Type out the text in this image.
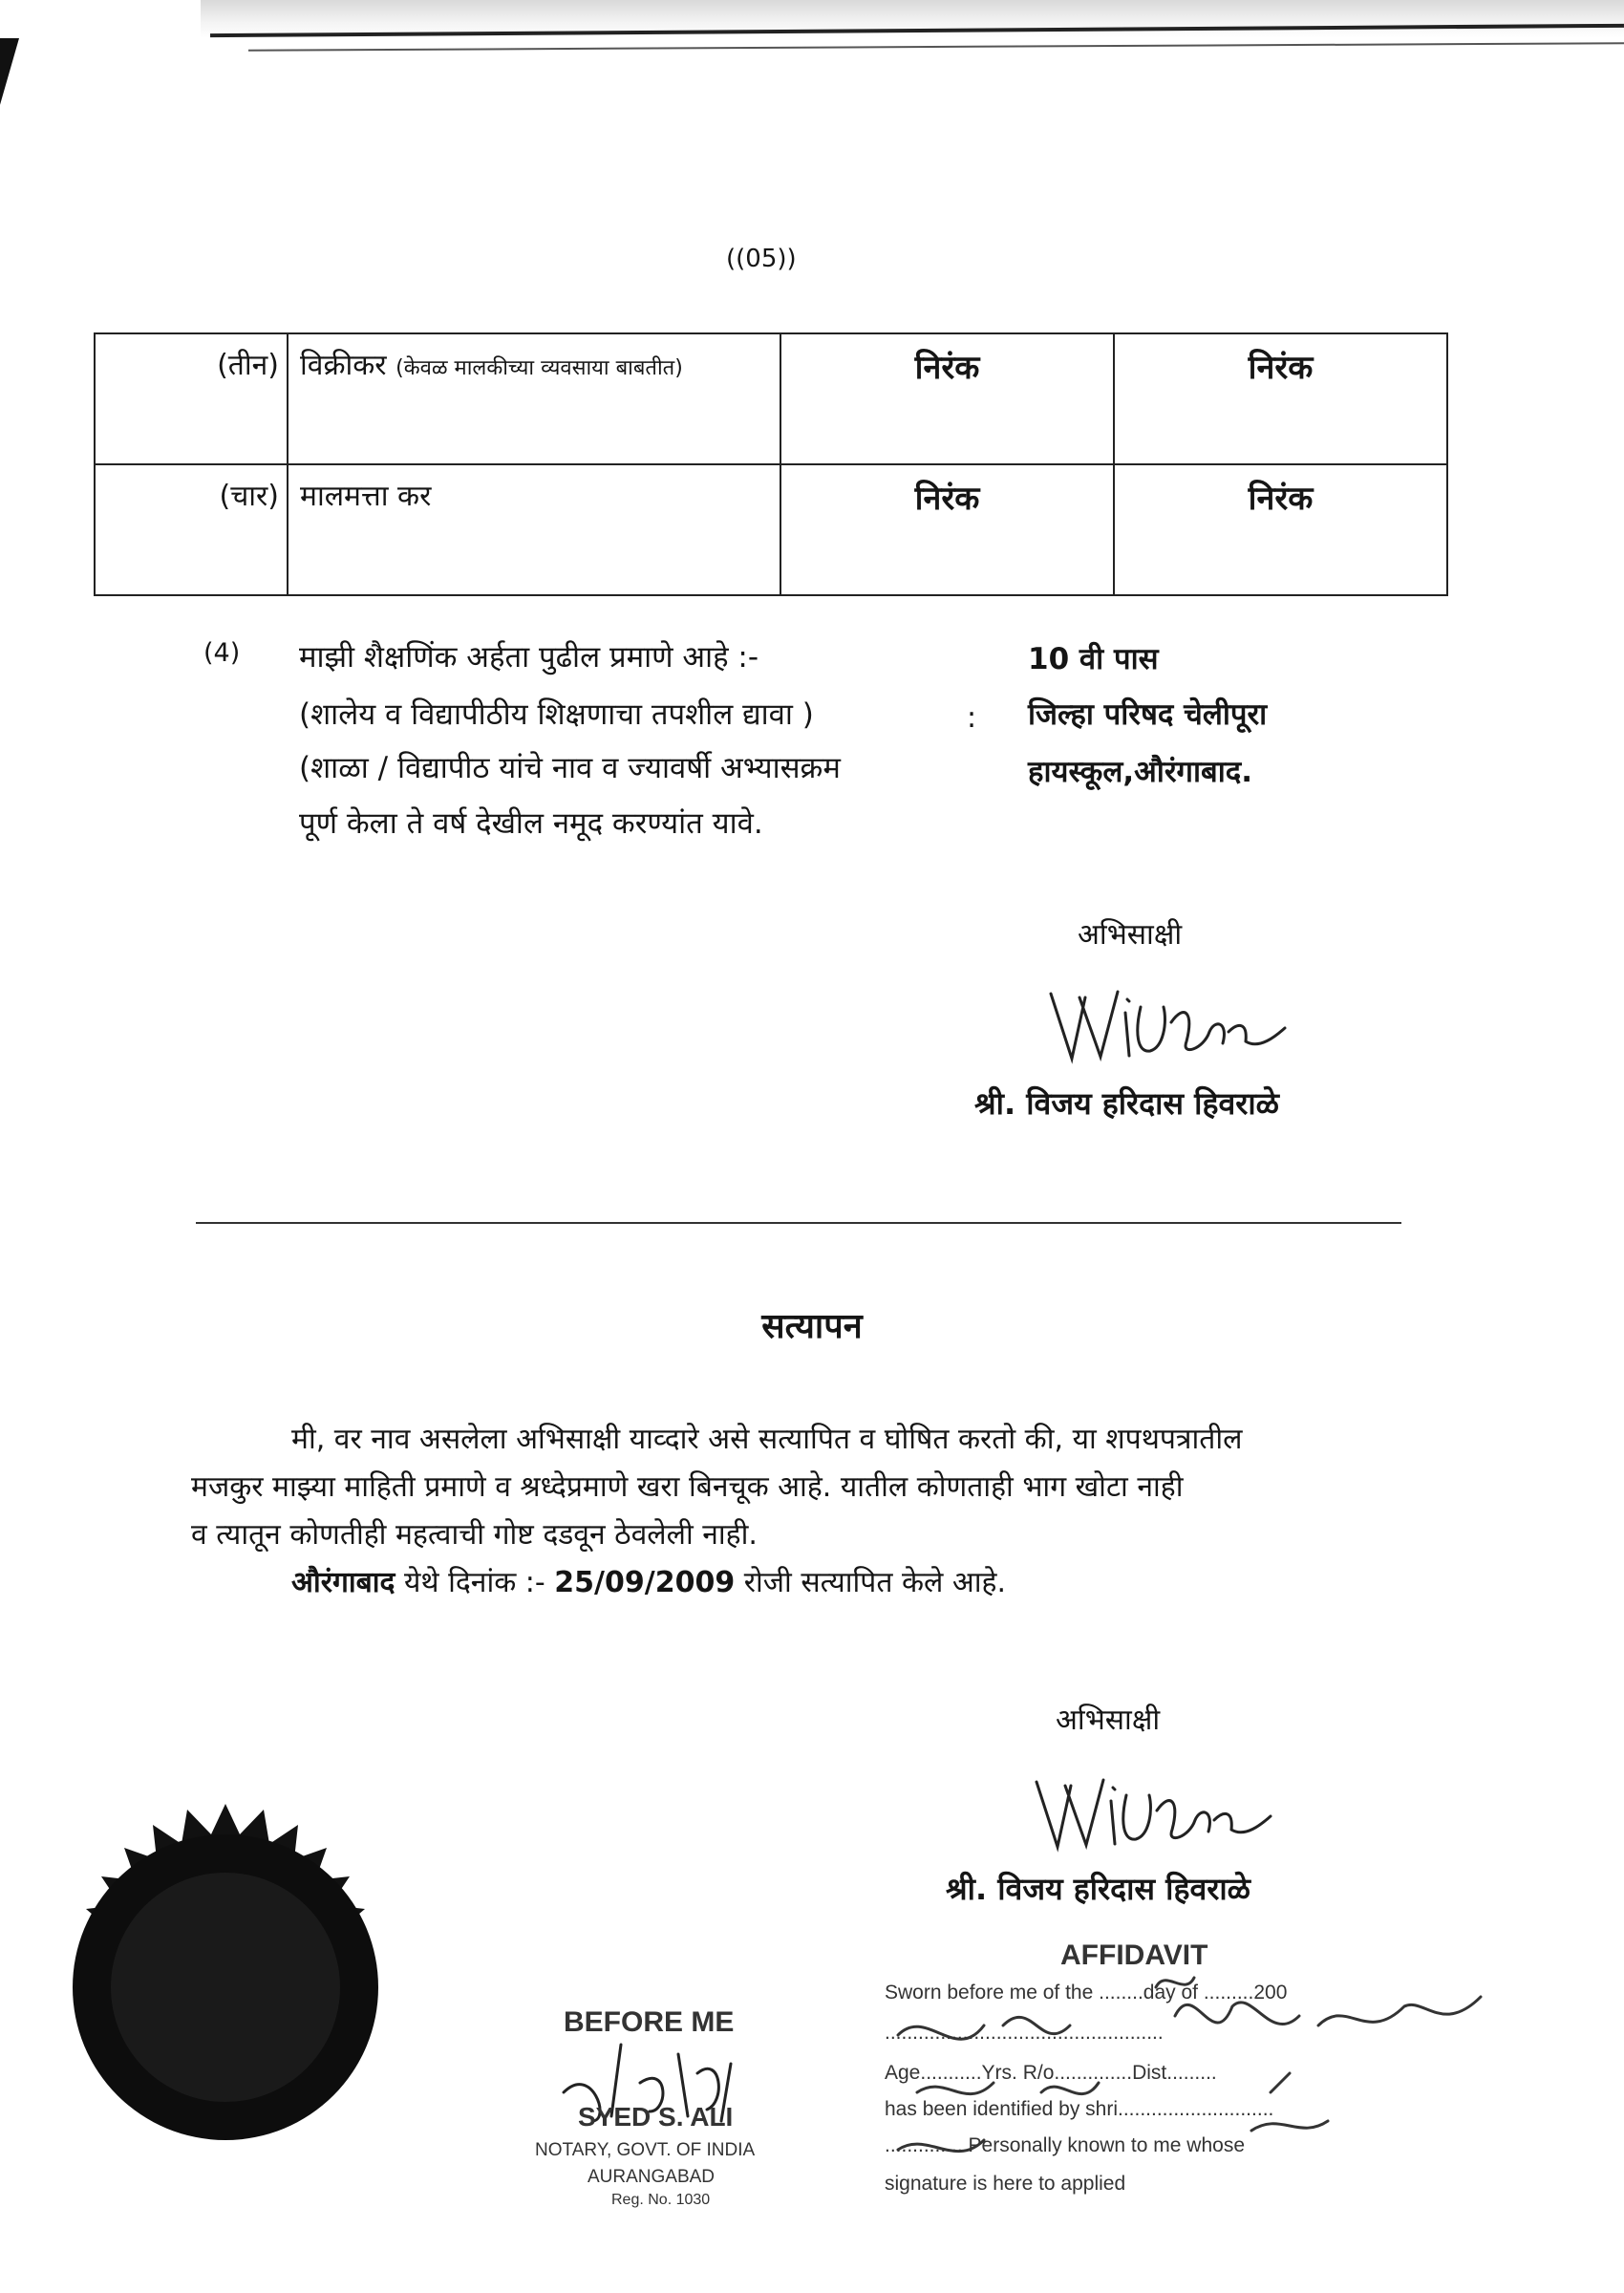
((05))
(तीन)	विक्रीकर (केवळ मालकीच्या व्यवसाया बाबतीत)	निरंक	निरंक
(चार)	मालमत्ता कर	निरंक	निरंक
(4) माझी शैक्षणिंक अर्हता पुढील प्रमाणे आहे :-
(शालेय व विद्यापीठीय शिक्षणाचा तपशील द्यावा )
(शाळा / विद्यापीठ यांचे नाव व ज्यावर्षी अभ्यासक्रम
पूर्ण केला ते वर्ष देखील नमूद करण्यांत यावे.
:
10 वी पास
जिल्हा परिषद चेलीपूरा
हायस्कूल,औरंगाबाद.
अभिसाक्षी
श्री. विजय हरिदास हिवराळे
सत्यापन

मी, वर नाव असलेला अभिसाक्षी याव्दारे असे सत्यापित व घोषित करतो की, या शपथपत्रातील

मजकुर माझ्या माहिती प्रमाणे व श्रध्देप्रमाणे खरा बिनचूक आहे. यातील कोणताही भाग खोटा नाही

व त्यातून कोणतीही महत्वाची गोष्ट दडवून ठेवलेली नाही.

औरंगाबाद येथे दिनांक :- 25/09/2009 रोजी सत्यापित केले आहे.

अभिसाक्षी
श्री. विजय हरिदास हिवराळे
BEFORE ME
SYED S. ALI
NOTARY, GOVT. OF INDIA
AURANGABAD
Reg. No. 1030
AFFIDAVIT
Sworn before me of the ........day of .........200
..................................................
Age...........Yrs. R/o..............Dist.........
has been identified by shri............................
...............Personally known to me whose
signature is here to applied
